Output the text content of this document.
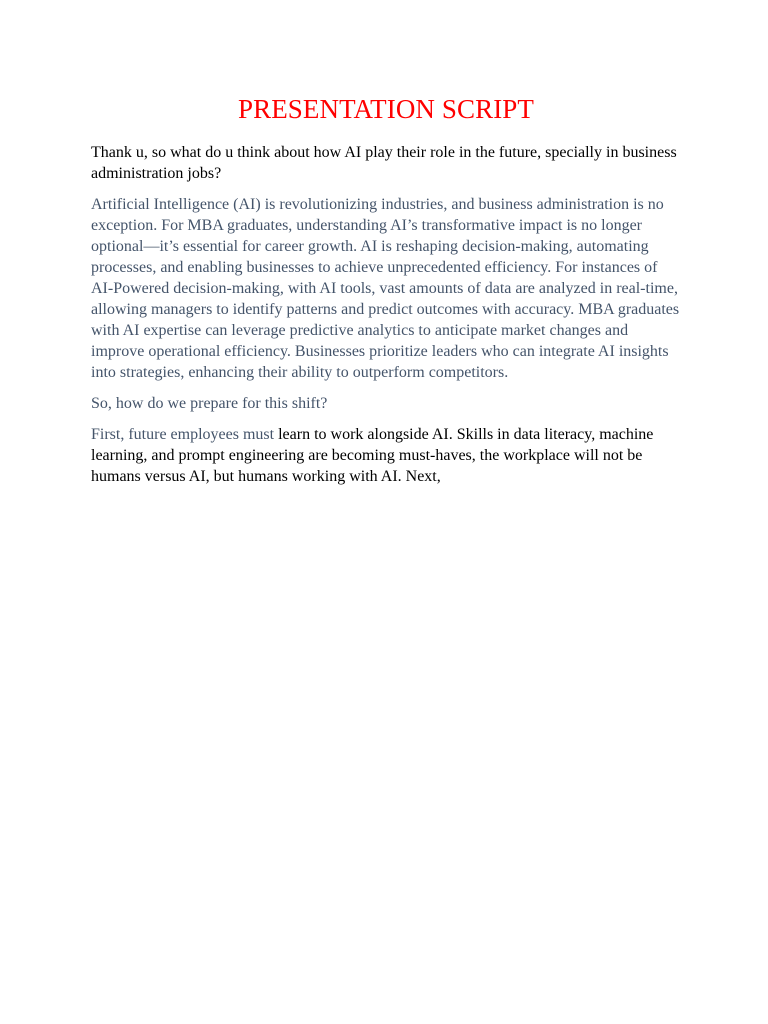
PRESENTATION SCRIPT

Thank u, so what do u think about how AI play their role in the future, specially in business administration jobs?

Artificial Intelligence (AI) is revolutionizing industries, and business administration is no exception. For MBA graduates, understanding AI’s transformative impact is no longer optional—it’s essential for career growth. AI is reshaping decision-making, automating processes, and enabling businesses to achieve unprecedented efficiency. For instances of AI-Powered decision-making, with AI tools, vast amounts of data are analyzed in real-time, allowing managers to identify patterns and predict outcomes with accuracy. MBA graduates with AI expertise can leverage predictive analytics to anticipate market changes and improve operational efficiency. Businesses prioritize leaders who can integrate AI insights into strategies, enhancing their ability to outperform competitors.

So, how do we prepare for this shift?

First, future employees must learn to work alongside AI. Skills in data literacy, machine learning, and prompt engineering are becoming must-haves, the workplace will not be humans versus AI, but humans working with AI. Next,
